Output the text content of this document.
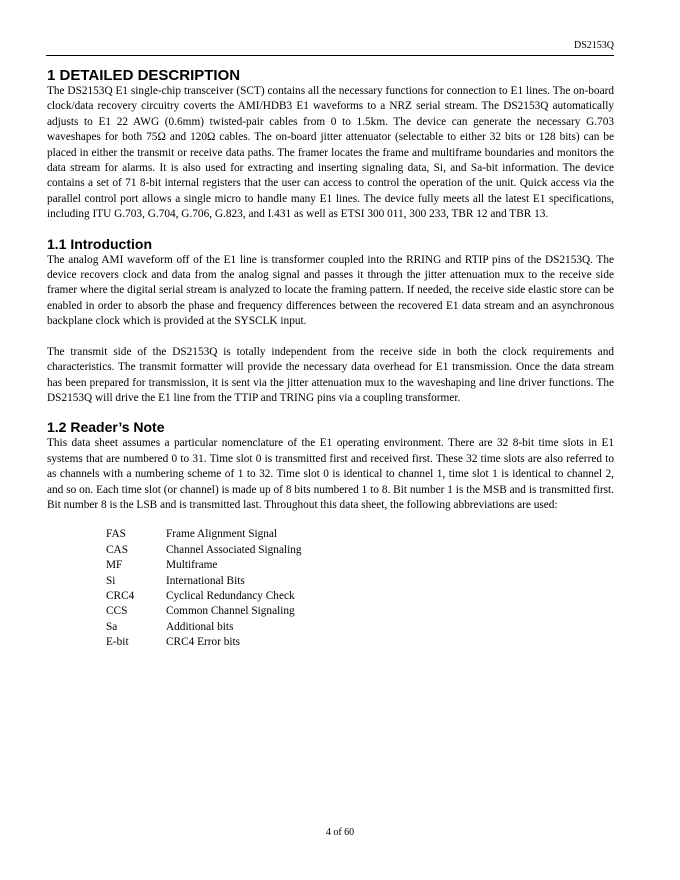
DS2153Q
1 DETAILED DESCRIPTION

The DS2153Q E1 single-chip transceiver (SCT) contains all the necessary functions for connection to E1 lines. The on-board clock/data recovery circuitry coverts the AMI/HDB3 E1 waveforms to a NRZ serial stream. The DS2153Q automatically adjusts to E1 22 AWG (0.6mm) twisted-pair cables from 0 to 1.5km. The device can generate the necessary G.703 waveshapes for both 75Ω and 120Ω cables. The on-board jitter attenuator (selectable to either 32 bits or 128 bits) can be placed in either the transmit or receive data paths. The framer locates the frame and multiframe boundaries and monitors the data stream for alarms. It is also used for extracting and inserting signaling data, Si, and Sa-bit information. The device contains a set of 71 8-bit internal registers that the user can access to control the operation of the unit. Quick access via the parallel control port allows a single micro to handle many E1 lines. The device fully meets all the latest E1 specifications, including ITU G.703, G.704, G.706, G.823, and I.431 as well as ETSI 300 011, 300 233, TBR 12 and TBR 13.

1.1 Introduction

The analog AMI waveform off of the E1 line is transformer coupled into the RRING and RTIP pins of the DS2153Q. The device recovers clock and data from the analog signal and passes it through the jitter attenuation mux to the receive side framer where the digital serial stream is analyzed to locate the framing pattern. If needed, the receive side elastic store can be enabled in order to absorb the phase and frequency differences between the recovered E1 data stream and an asynchronous backplane clock which is provided at the SYSCLK input.

The transmit side of the DS2153Q is totally independent from the receive side in both the clock requirements and characteristics. The transmit formatter will provide the necessary data overhead for E1 transmission. Once the data stream has been prepared for transmission, it is sent via the jitter attenuation mux to the waveshaping and line driver functions. The DS2153Q will drive the E1 line from the TTIP and TRING pins via a coupling transformer.

1.2 Reader’s Note

This data sheet assumes a particular nomenclature of the E1 operating environment. There are 32 8-bit time slots in E1 systems that are numbered 0 to 31. Time slot 0 is transmitted first and received first. These 32 time slots are also referred to as channels with a numbering scheme of 1 to 32. Time slot 0 is identical to channel 1, time slot 1 is identical to channel 2, and so on. Each time slot (or channel) is made up of 8 bits numbered 1 to 8. Bit number 1 is the MSB and is transmitted first. Bit number 8 is the LSB and is transmitted last. Throughout this data sheet, the following abbreviations are used:

FAS	Frame Alignment Signal
CAS	Channel Associated Signaling
MF	Multiframe
Si	International Bits
CRC4	Cyclical Redundancy Check
CCS	Common Channel Signaling
Sa	Additional bits
E-bit	CRC4 Error bits
4 of 60
